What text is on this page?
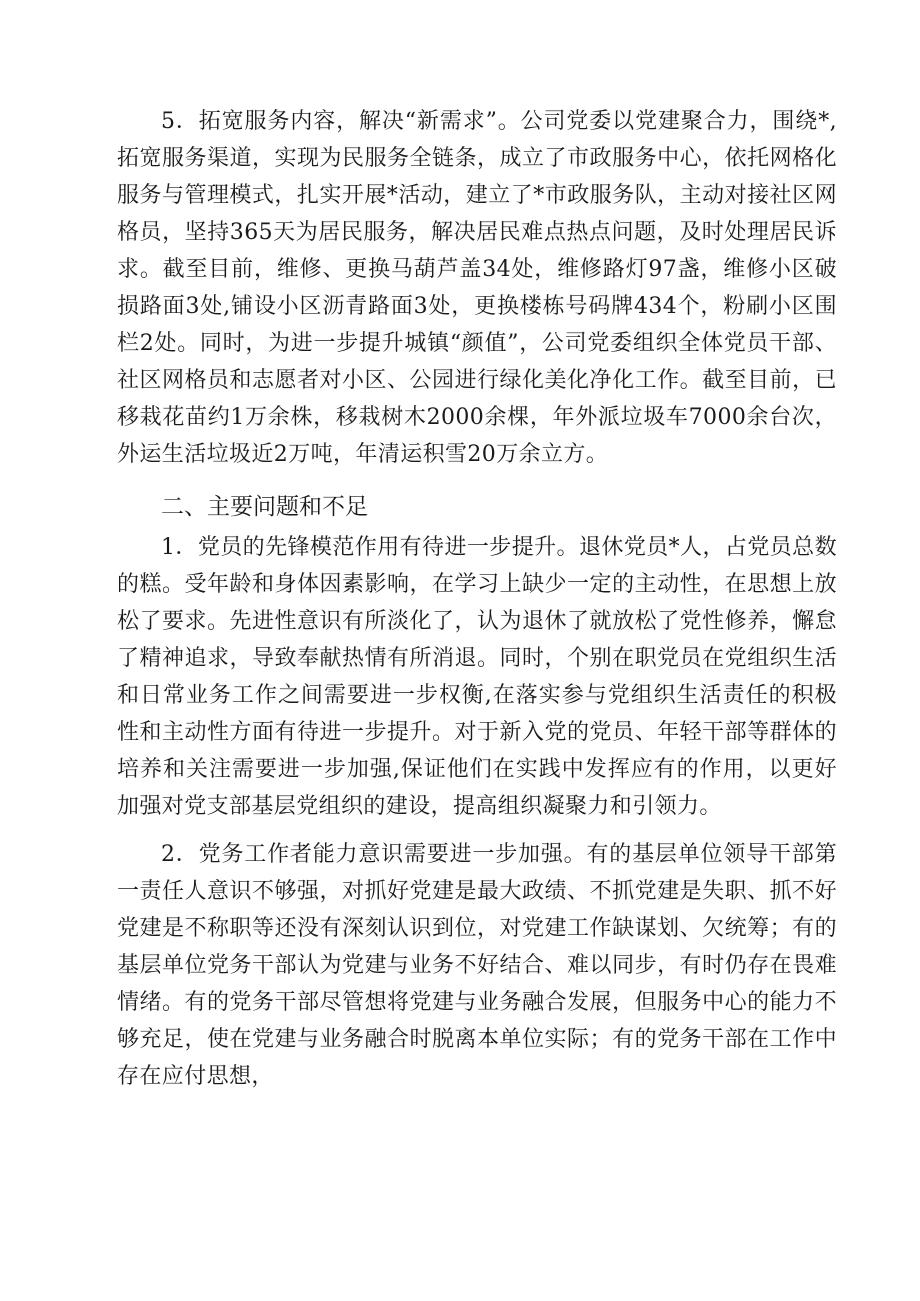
5．拓宽服务内容，解决“新需求”。公司党委以党建聚合力，围绕*,拓宽服务渠道，实现为民服务全链条，成立了市政服务中心，依托网格化服务与管理模式，扎实开展*活动，建立了*市政服务队，主动对接社区网格员，坚持365天为居民服务，解决居民难点热点问题，及时处理居民诉求。截至目前，维修、更换马葫芦盖34处，维修路灯97盏，维修小区破损路面3处,铺设小区沥青路面3处，更换楼栋号码牌434个，粉刷小区围栏2处。同时，为进一步提升城镇“颜值”，公司党委组织全体党员干部、社区网格员和志愿者对小区、公园进行绿化美化净化工作。截至目前，已移栽花苗约1万余株，移栽树木2000余棵，年外派垃圾车7000余台次，外运生活垃圾近2万吨，年清运积雪20万余立方。

二、主要问题和不足

1．党员的先锋模范作用有待进一步提升。退休党员*人，占党员总数的糕。受年龄和身体因素影响，在学习上缺少一定的主动性，在思想上放松了要求。先进性意识有所淡化了，认为退休了就放松了党性修养，懈怠了精神追求，导致奉献热情有所消退。同时，个别在职党员在党组织生活和日常业务工作之间需要进一步权衡,在落实参与党组织生活责任的积极性和主动性方面有待进一步提升。对于新入党的党员、年轻干部等群体的培养和关注需要进一步加强,保证他们在实践中发挥应有的作用，以更好加强对党支部基层党组织的建设，提高组织凝聚力和引领力。

2．党务工作者能力意识需要进一步加强。有的基层单位领导干部第一责任人意识不够强，对抓好党建是最大政绩、不抓党建是失职、抓不好党建是不称职等还没有深刻认识到位，对党建工作缺谋划、欠统筹；有的基层单位党务干部认为党建与业务不好结合、难以同步，有时仍存在畏难情绪。有的党务干部尽管想将党建与业务融合发展，但服务中心的能力不够充足，使在党建与业务融合时脱离本单位实际；有的党务干部在工作中存在应付思想，
